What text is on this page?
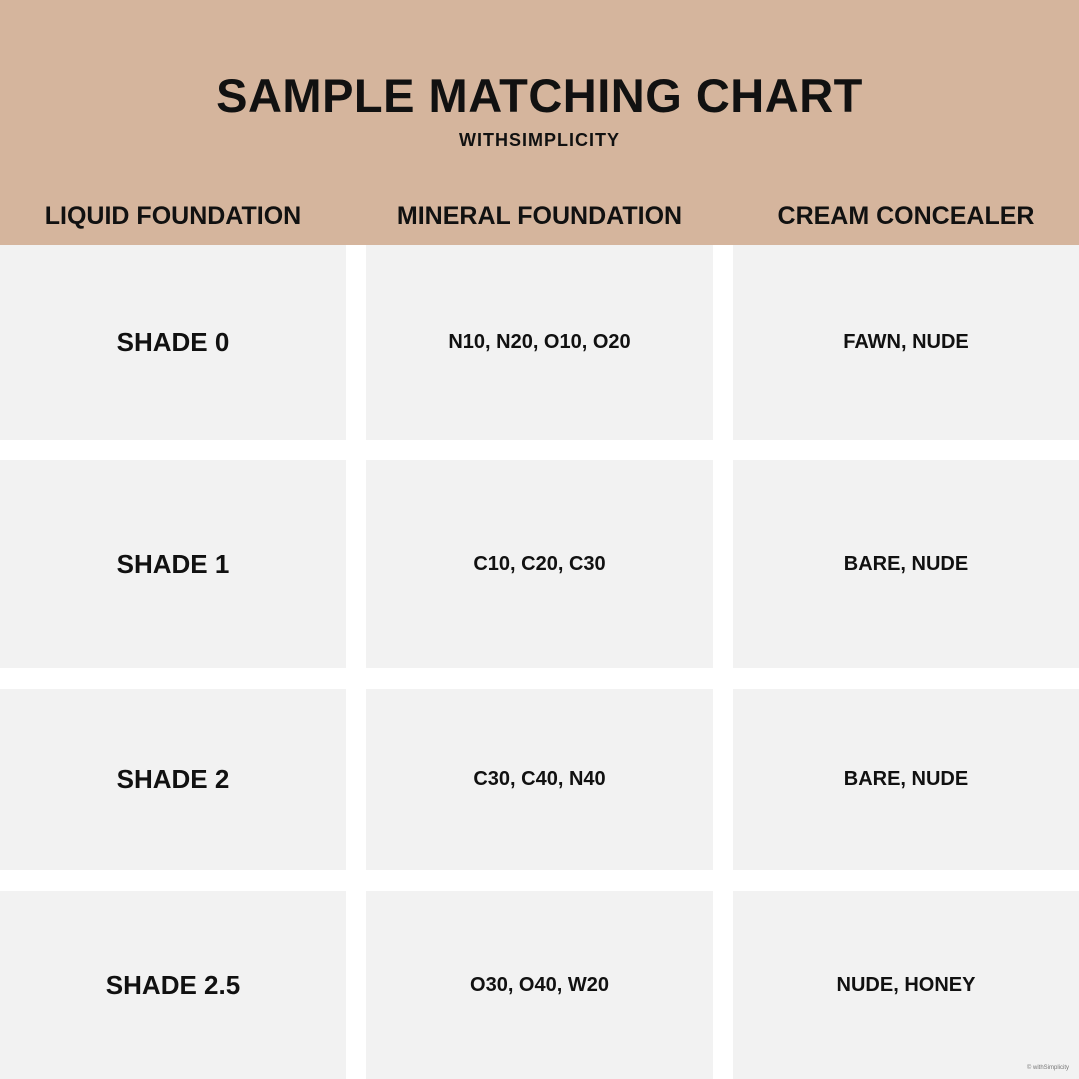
SAMPLE MATCHING CHART
WITHSIMPLICITY
LIQUID FOUNDATION	MINERAL FOUNDATION	CREAM CONCEALER
SHADE 0	N10, N20, O10, O20	FAWN, NUDE
SHADE 1	C10, C20, C30	BARE, NUDE
SHADE 2	C30, C40, N40	BARE, NUDE
SHADE 2.5	O30, O40, W20	NUDE, HONEY
© withSimplicity
